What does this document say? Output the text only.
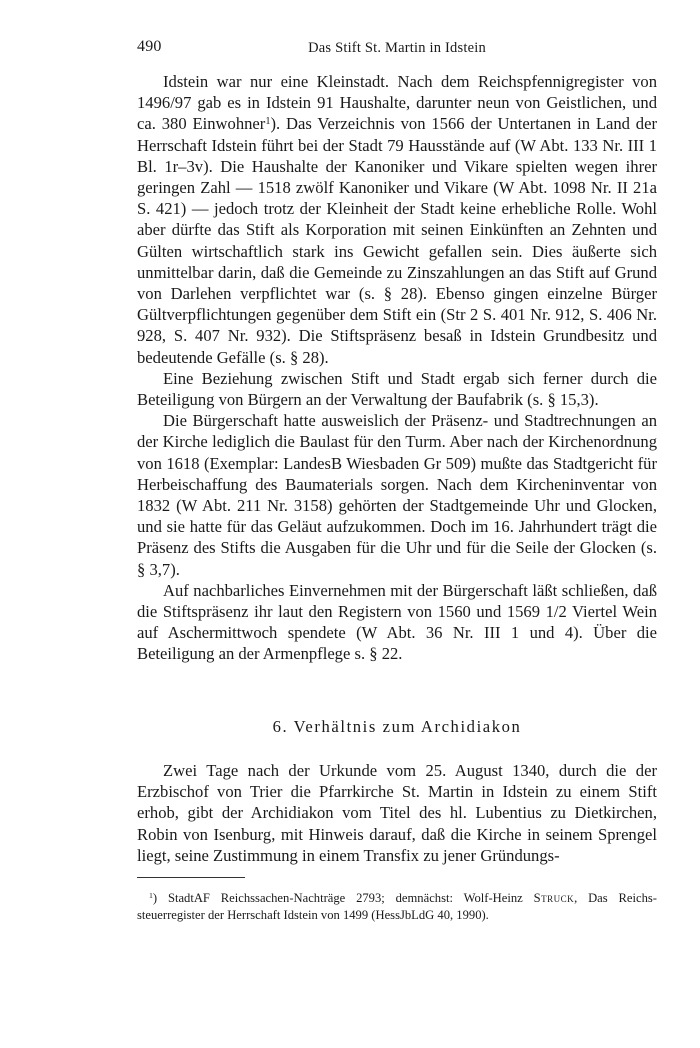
490	Das Stift St. Martin in Idstein

Idstein war nur eine Kleinstadt. Nach dem Reichspfennigregister von 1496/97 gab es in Idstein 91 Haushalte, darunter neun von Geistlichen, und ca. 380 Einwohner$^1$). Das Verzeichnis von 1566 der Untertanen in Land der Herrschaft Idstein führt bei der Stadt 79 Hausstände auf (W Abt. 133 Nr. III 1 Bl. 1r–3v). Die Haushalte der Kanoniker und Vikare spielten wegen ihrer geringen Zahl — 1518 zwölf Kanoniker und Vikare (W Abt. 1098 Nr. II 21a S. 421) — jedoch trotz der Kleinheit der Stadt keine erhebliche Rolle. Wohl aber dürfte das Stift als Korporation mit seinen Einkünften an Zehnten und Gülten wirtschaftlich stark ins Gewicht gefallen sein. Dies äußerte sich unmittelbar darin, daß die Gemeinde zu Zinszahlungen an das Stift auf Grund von Darlehen verpflichtet war (s. § 28). Ebenso gingen einzelne Bürger Gültverpflichtungen gegenüber dem Stift ein (Str 2 S. 401 Nr. 912, S. 406 Nr. 928, S. 407 Nr. 932). Die Stiftspräsenz besaß in Idstein Grundbesitz und bedeutende Gefälle (s. § 28).

Eine Beziehung zwischen Stift und Stadt ergab sich ferner durch die Beteiligung von Bürgern an der Verwaltung der Baufabrik (s. § 15,3).

Die Bürgerschaft hatte ausweislich der Präsenz- und Stadtrechnungen an der Kirche lediglich die Baulast für den Turm. Aber nach der Kirchenordnung von 1618 (Exemplar: LandesB Wiesbaden Gr 509) mußte das Stadtgericht für Herbeischaffung des Baumaterials sorgen. Nach dem Kircheninventar von 1832 (W Abt. 211 Nr. 3158) gehörten der Stadtgemeinde Uhr und Glocken, und sie hatte für das Geläut aufzukommen. Doch im 16. Jahrhundert trägt die Präsenz des Stifts die Ausgaben für die Uhr und für die Seile der Glocken (s. § 3,7).

Auf nachbarliches Einvernehmen mit der Bürgerschaft läßt schließen, daß die Stiftspräsenz ihr laut den Registern von 1560 und 1569 1/2 Viertel Wein auf Aschermittwoch spendete (W Abt. 36 Nr. III 1 und 4). Über die Beteiligung an der Armenpflege s. § 22.

6. Verhältnis zum Archidiakon

Zwei Tage nach der Urkunde vom 25. August 1340, durch die der Erzbischof von Trier die Pfarrkirche St. Martin in Idstein zu einem Stift erhob, gibt der Archidiakon vom Titel des hl. Lubentius zu Dietkirchen, Robin von Isenburg, mit Hinweis darauf, daß die Kirche in seinem Sprengel liegt, seine Zustimmung in einem Transfix zu jener Gründungs-

$^1$) StadtAF Reichssachen-Nachträge 2793; demnächst: Wolf-Heinz Struck, Das Reichssteuerregister der Herrschaft Idstein von 1499 (HessJbLdG 40, 1990).
